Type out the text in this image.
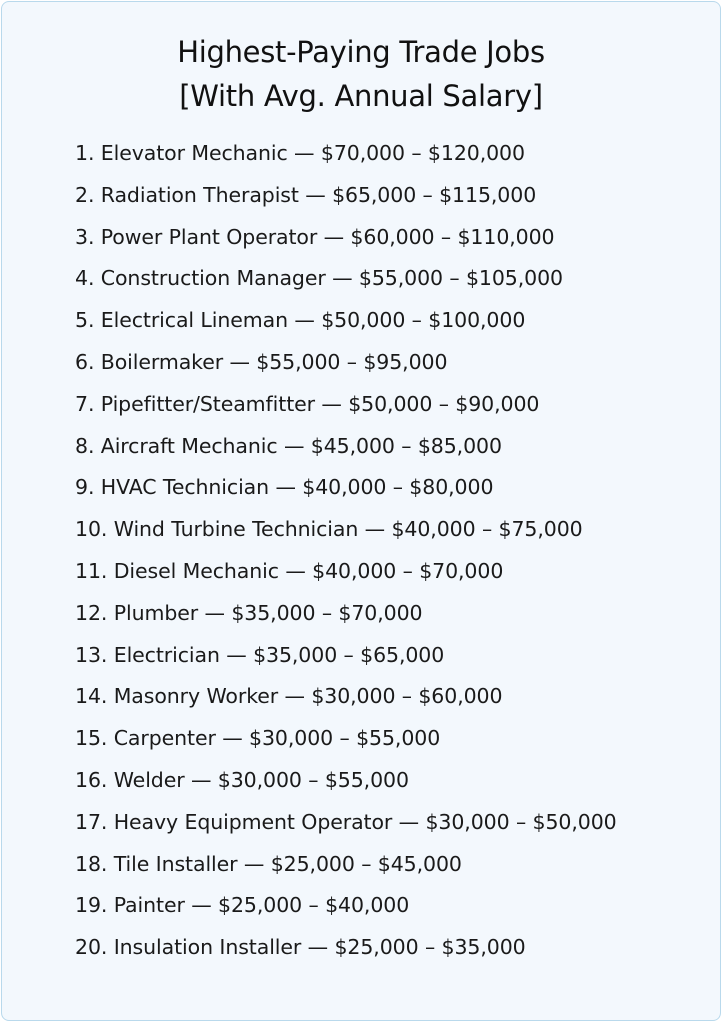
Highest-Paying Trade Jobs
[With Avg. Annual Salary]
1. Elevator Mechanic — $70,000 – $120,000
2. Radiation Therapist — $65,000 – $115,000
3. Power Plant Operator — $60,000 – $110,000
4. Construction Manager — $55,000 – $105,000
5. Electrical Lineman — $50,000 – $100,000
6. Boilermaker — $55,000 – $95,000
7. Pipefitter/Steamfitter — $50,000 – $90,000
8. Aircraft Mechanic — $45,000 – $85,000
9. HVAC Technician — $40,000 – $80,000
10. Wind Turbine Technician — $40,000 – $75,000
11. Diesel Mechanic — $40,000 – $70,000
12. Plumber — $35,000 – $70,000
13. Electrician — $35,000 – $65,000
14. Masonry Worker — $30,000 – $60,000
15. Carpenter — $30,000 – $55,000
16. Welder — $30,000 – $55,000
17. Heavy Equipment Operator — $30,000 – $50,000
18. Tile Installer — $25,000 – $45,000
19. Painter — $25,000 – $40,000
20. Insulation Installer — $25,000 – $35,000
